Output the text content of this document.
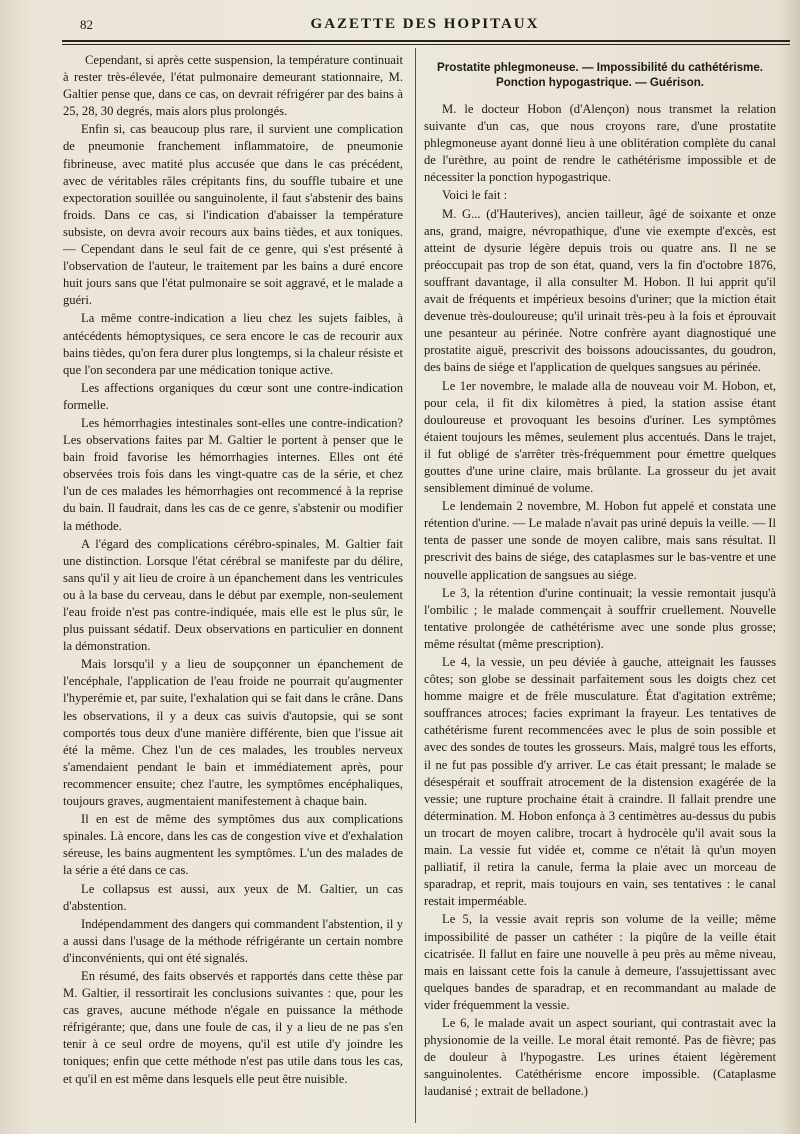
82	GAZETTE DES HOPITAUX

Cependant, si après cette suspension, la température continuait à rester très-élevée, l'état pulmonaire demeurant stationnaire, M. Galtier pense que, dans ce cas, on devrait réfrigérer par des bains à 25, 28, 30 degrés, mais alors plus prolongés.

Enfin si, cas beaucoup plus rare, il survient une complication de pneumonie franchement inflammatoire, de pneumonie fibrineuse, avec matité plus accusée que dans le cas précédent, avec de véritables râles crépitants fins, du souffle tubaire et une expectoration souillée ou sanguinolente, il faut s'abstenir des bains froids. Dans ce cas, si l'indication d'abaisser la température subsiste, on devra avoir recours aux bains tièdes, et aux toniques. — Cependant dans le seul fait de ce genre, qui s'est présenté à l'observation de l'auteur, le traitement par les bains a duré encore huit jours sans que l'état pulmonaire se soit aggravé, et le malade a guéri.

La même contre-indication a lieu chez les sujets faibles, à antécédents hémoptysiques, ce sera encore le cas de recourir aux bains tièdes, qu'on fera durer plus longtemps, si la chaleur résiste et que l'on secondera par une médication tonique active.

Les affections organiques du cœur sont une contre-indication formelle.

Les hémorrhagies intestinales sont-elles une contre-indication? Les observations faites par M. Galtier le portent à penser que le bain froid favorise les hémorrhagies internes. Elles ont été observées trois fois dans les vingt-quatre cas de la série, et chez l'un de ces malades les hémorrhagies ont recommencé à la reprise du bain. Il faudrait, dans les cas de ce genre, s'abstenir ou modifier la méthode.

A l'égard des complications cérébro-spinales, M. Galtier fait une distinction. Lorsque l'état cérébral se manifeste par du délire, sans qu'il y ait lieu de croire à un épanchement dans les ventricules ou à la base du cerveau, dans le début par exemple, non-seulement l'eau froide n'est pas contre-indiquée, mais elle est le plus sûr, le plus puissant sédatif. Deux observations en particulier en donnent la démonstration.

Mais lorsqu'il y a lieu de soupçonner un épanchement de l'encéphale, l'application de l'eau froide ne pourrait qu'augmenter l'hyperémie et, par suite, l'exhalation qui se fait dans le crâne. Dans les observations, il y a deux cas suivis d'autopsie, qui se sont comportés tous deux d'une manière différente, bien que l'issue ait été la même. Chez l'un de ces malades, les troubles nerveux s'amendaient pendant le bain et immédiatement après, pour recommencer ensuite; chez l'autre, les symptômes encéphaliques, toujours graves, augmentaient manifestement à chaque bain.

Il en est de même des symptômes dus aux complications spinales. Là encore, dans les cas de congestion vive et d'exhalation séreuse, les bains augmentent les symptômes. L'un des malades de la série a été dans ce cas.

Le collapsus est aussi, aux yeux de M. Galtier, un cas d'abstention.

Indépendamment des dangers qui commandent l'abstention, il y a aussi dans l'usage de la méthode réfrigérante un certain nombre d'inconvénients, qui ont été signalés.

En résumé, des faits observés et rapportés dans cette thèse par M. Galtier, il ressortirait les conclusions suivantes : que, pour les cas graves, aucune méthode n'égale en puissance la méthode réfrigérante; que, dans une foule de cas, il y a lieu de ne pas s'en tenir à ce seul ordre de moyens, qu'il est utile d'y joindre les toniques; enfin que cette méthode n'est pas utile dans tous les cas, et qu'il en est même dans lesquels elle peut être nuisible.

Prostatite phlegmoneuse. — Impossibilité du cathétérisme.
Ponction hypogastrique. — Guérison.

M. le docteur Hobon (d'Alençon) nous transmet la relation suivante d'un cas, que nous croyons rare, d'une prostatite phlegmoneuse ayant donné lieu à une oblitération complète du canal de l'urèthre, au point de rendre le cathétérisme impossible et de nécessiter la ponction hypogastrique.

Voici le fait :

M. G... (d'Hauterives), ancien tailleur, âgé de soixante et onze ans, grand, maigre, névropathique, d'une vie exempte d'excès, est atteint de dysurie légère depuis trois ou quatre ans. Il ne se préoccupait pas trop de son état, quand, vers la fin d'octobre 1876, souffrant davantage, il alla consulter M. Hobon. Il lui apprit qu'il avait de fréquents et impérieux besoins d'uriner; que la miction était devenue très-douloureuse; qu'il urinait très-peu à la fois et éprouvait une pesanteur au périnée. Notre confrère ayant diagnostiqué une prostatite aiguë, prescrivit des boissons adoucissantes, du goudron, des bains de siége et l'application de quelques sangsues au périnée.

Le 1er novembre, le malade alla de nouveau voir M. Hobon, et, pour cela, il fit dix kilomètres à pied, la station assise étant douloureuse et provoquant les besoins d'uriner. Les symptômes étaient toujours les mêmes, seulement plus accentués. Dans le trajet, il fut obligé de s'arrêter très-fréquemment pour émettre quelques gouttes d'une urine claire, mais brûlante. La grosseur du jet avait sensiblement diminué de volume.

Le lendemain 2 novembre, M. Hobon fut appelé et constata une rétention d'urine. — Le malade n'avait pas uriné depuis la veille. — Il tenta de passer une sonde de moyen calibre, mais sans résultat. Il prescrivit des bains de siége, des cataplasmes sur le bas-ventre et une nouvelle application de sangsues au siége.

Le 3, la rétention d'urine continuait; la vessie remontait jusqu'à l'ombilic ; le malade commençait à souffrir cruellement. Nouvelle tentative prolongée de cathétérisme avec une sonde plus grosse; même résultat (même prescription).

Le 4, la vessie, un peu déviée à gauche, atteignait les fausses côtes; son globe se dessinait parfaitement sous les doigts chez cet homme maigre et de frêle musculature. État d'agitation extrême; souffrances atroces; facies exprimant la frayeur. Les tentatives de cathétérisme furent recommencées avec le plus de soin possible et avec des sondes de toutes les grosseurs. Mais, malgré tous les efforts, il ne fut pas possible d'y arriver. Le cas était pressant; le malade se désespérait et souffrait atrocement de la distension exagérée de la vessie; une rupture prochaine était à craindre. Il fallait prendre une détermination. M. Hobon enfonça à 3 centimètres au-dessus du pubis un trocart de moyen calibre, trocart à hydrocèle qu'il avait sous la main. La vessie fut vidée et, comme ce n'était là qu'un moyen palliatif, il retira la canule, ferma la plaie avec un morceau de sparadrap, et reprit, mais toujours en vain, ses tentatives : le canal restait imperméable.

Le 5, la vessie avait repris son volume de la veille; même impossibilité de passer un cathéter : la piqûre de la veille était cicatrisée. Il fallut en faire une nouvelle à peu près au même niveau, mais en laissant cette fois la canule à demeure, l'assujettissant avec quelques bandes de sparadrap, et en recommandant au malade de vider fréquemment la vessie.

Le 6, le malade avait un aspect souriant, qui contrastait avec la physionomie de la veille. Le moral était remonté. Pas de fièvre; pas de douleur à l'hypogastre. Les urines étaient légèrement sanguinolentes. Catéthérisme encore impossible. (Cataplasme laudanisé ; extrait de belladone.)
